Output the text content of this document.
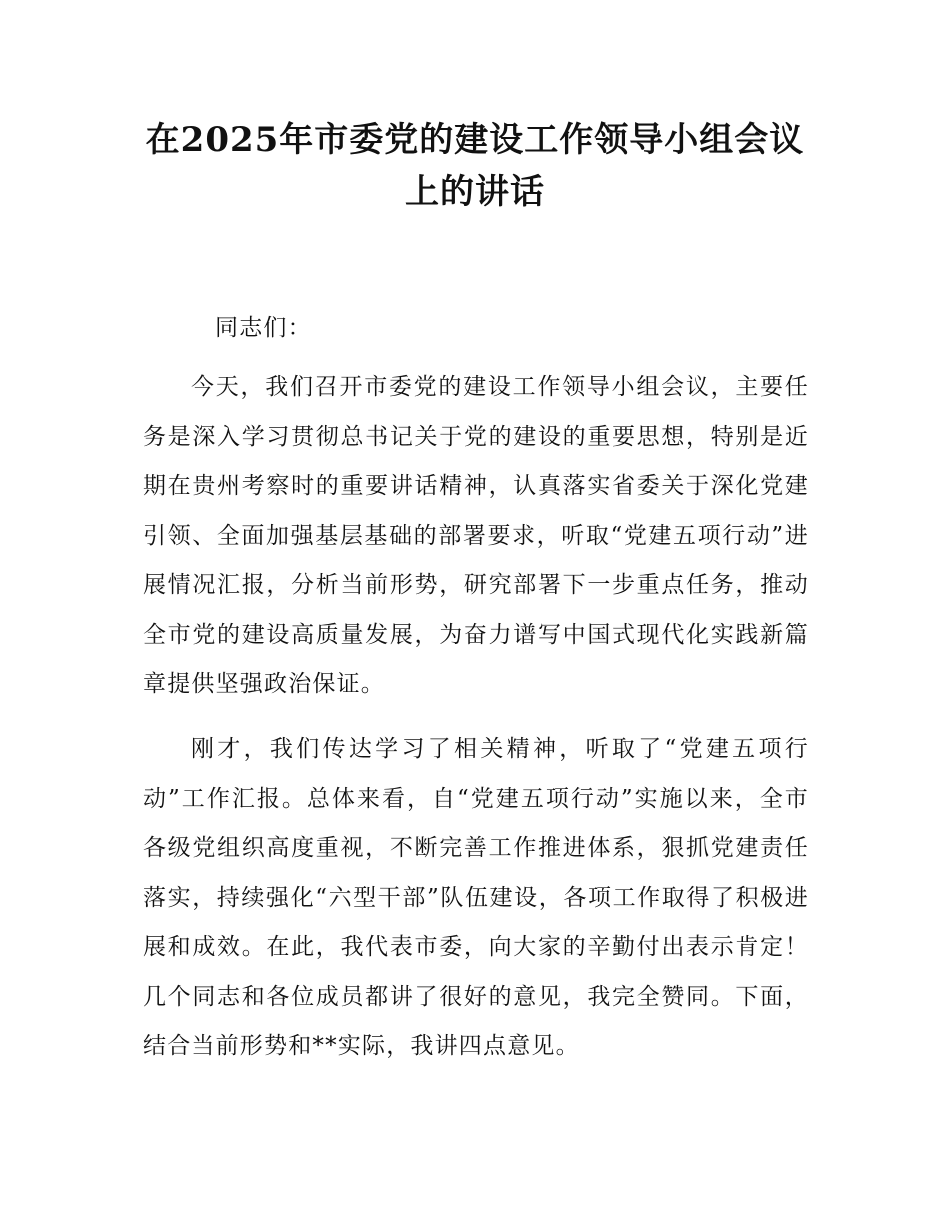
在2025年市委党的建设工作领导小组会议上的讲话
同志们：
今天，我们召开市委党的建设工作领导小组会议，主要任务是深入学习贯彻总书记关于党的建设的重要思想，特别是近期在贵州考察时的重要讲话精神，认真落实省委关于深化党建引领、全面加强基层基础的部署要求，听取“党建五项行动”进展情况汇报，分析当前形势，研究部署下一步重点任务，推动全市党的建设高质量发展，为奋力谱写中国式现代化实践新篇章提供坚强政治保证。
刚才，我们传达学习了相关精神，听取了“党建五项行动”工作汇报。总体来看，自“党建五项行动”实施以来，全市各级党组织高度重视，不断完善工作推进体系，狠抓党建责任落实，持续强化“六型干部”队伍建设，各项工作取得了积极进展和成效。在此，我代表市委，向大家的辛勤付出表示肯定！几个同志和各位成员都讲了很好的意见，我完全赞同。下面，结合当前形势和**实际，我讲四点意见。
